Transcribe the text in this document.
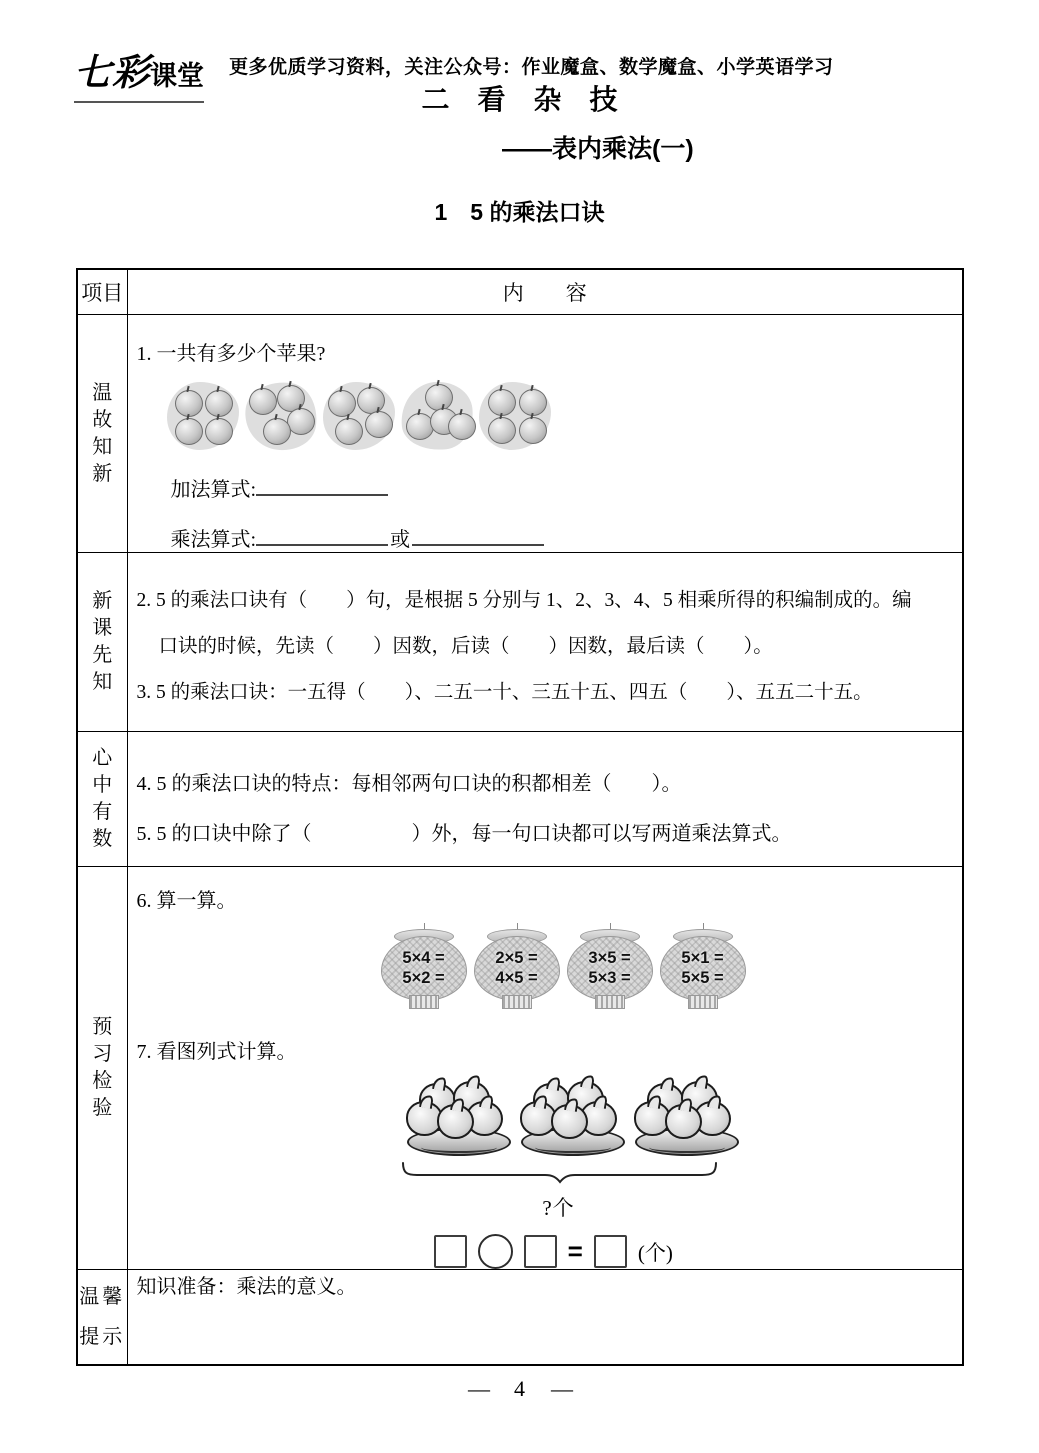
七彩 课堂 更多优质学习资料，关注公众号：作业魔盒、数学魔盒、小学英语学习
二　看　杂　技
——表内乘法(一)
1　5 的乘法口诀
项目	内　　容

温故知新	1. 一共有多少个苹果?
加法算式:
乘法算式: 或

新课先知	2. 5 的乘法口诀有（　　）句，是根据 5 分别与 1、2、3、4、5 相乘所得的积编制成的。编
口诀的时候，先读（　　）因数，后读（　　）因数，最后读（　　）。
3. 5 的乘法口诀：一五得（　　）、二五一十、三五十五、四五（　　）、五五二十五。

心中有数	4. 5 的乘法口诀的特点：每相邻两句口诀的积都相差（　　）。
5. 5 的口诀中除了（　　　　　）外，每一句口诀都可以写两道乘法算式。

预习检验

6. 算一算。
5×4 =
5×2 =
2×5 =
4×5 =
3×5 =
5×3 =
5×1 =
5×5 =
7. 看图列式计算。
?个
=	(个)

温馨提示	知识准备：乘法的意义。
— 4 —
